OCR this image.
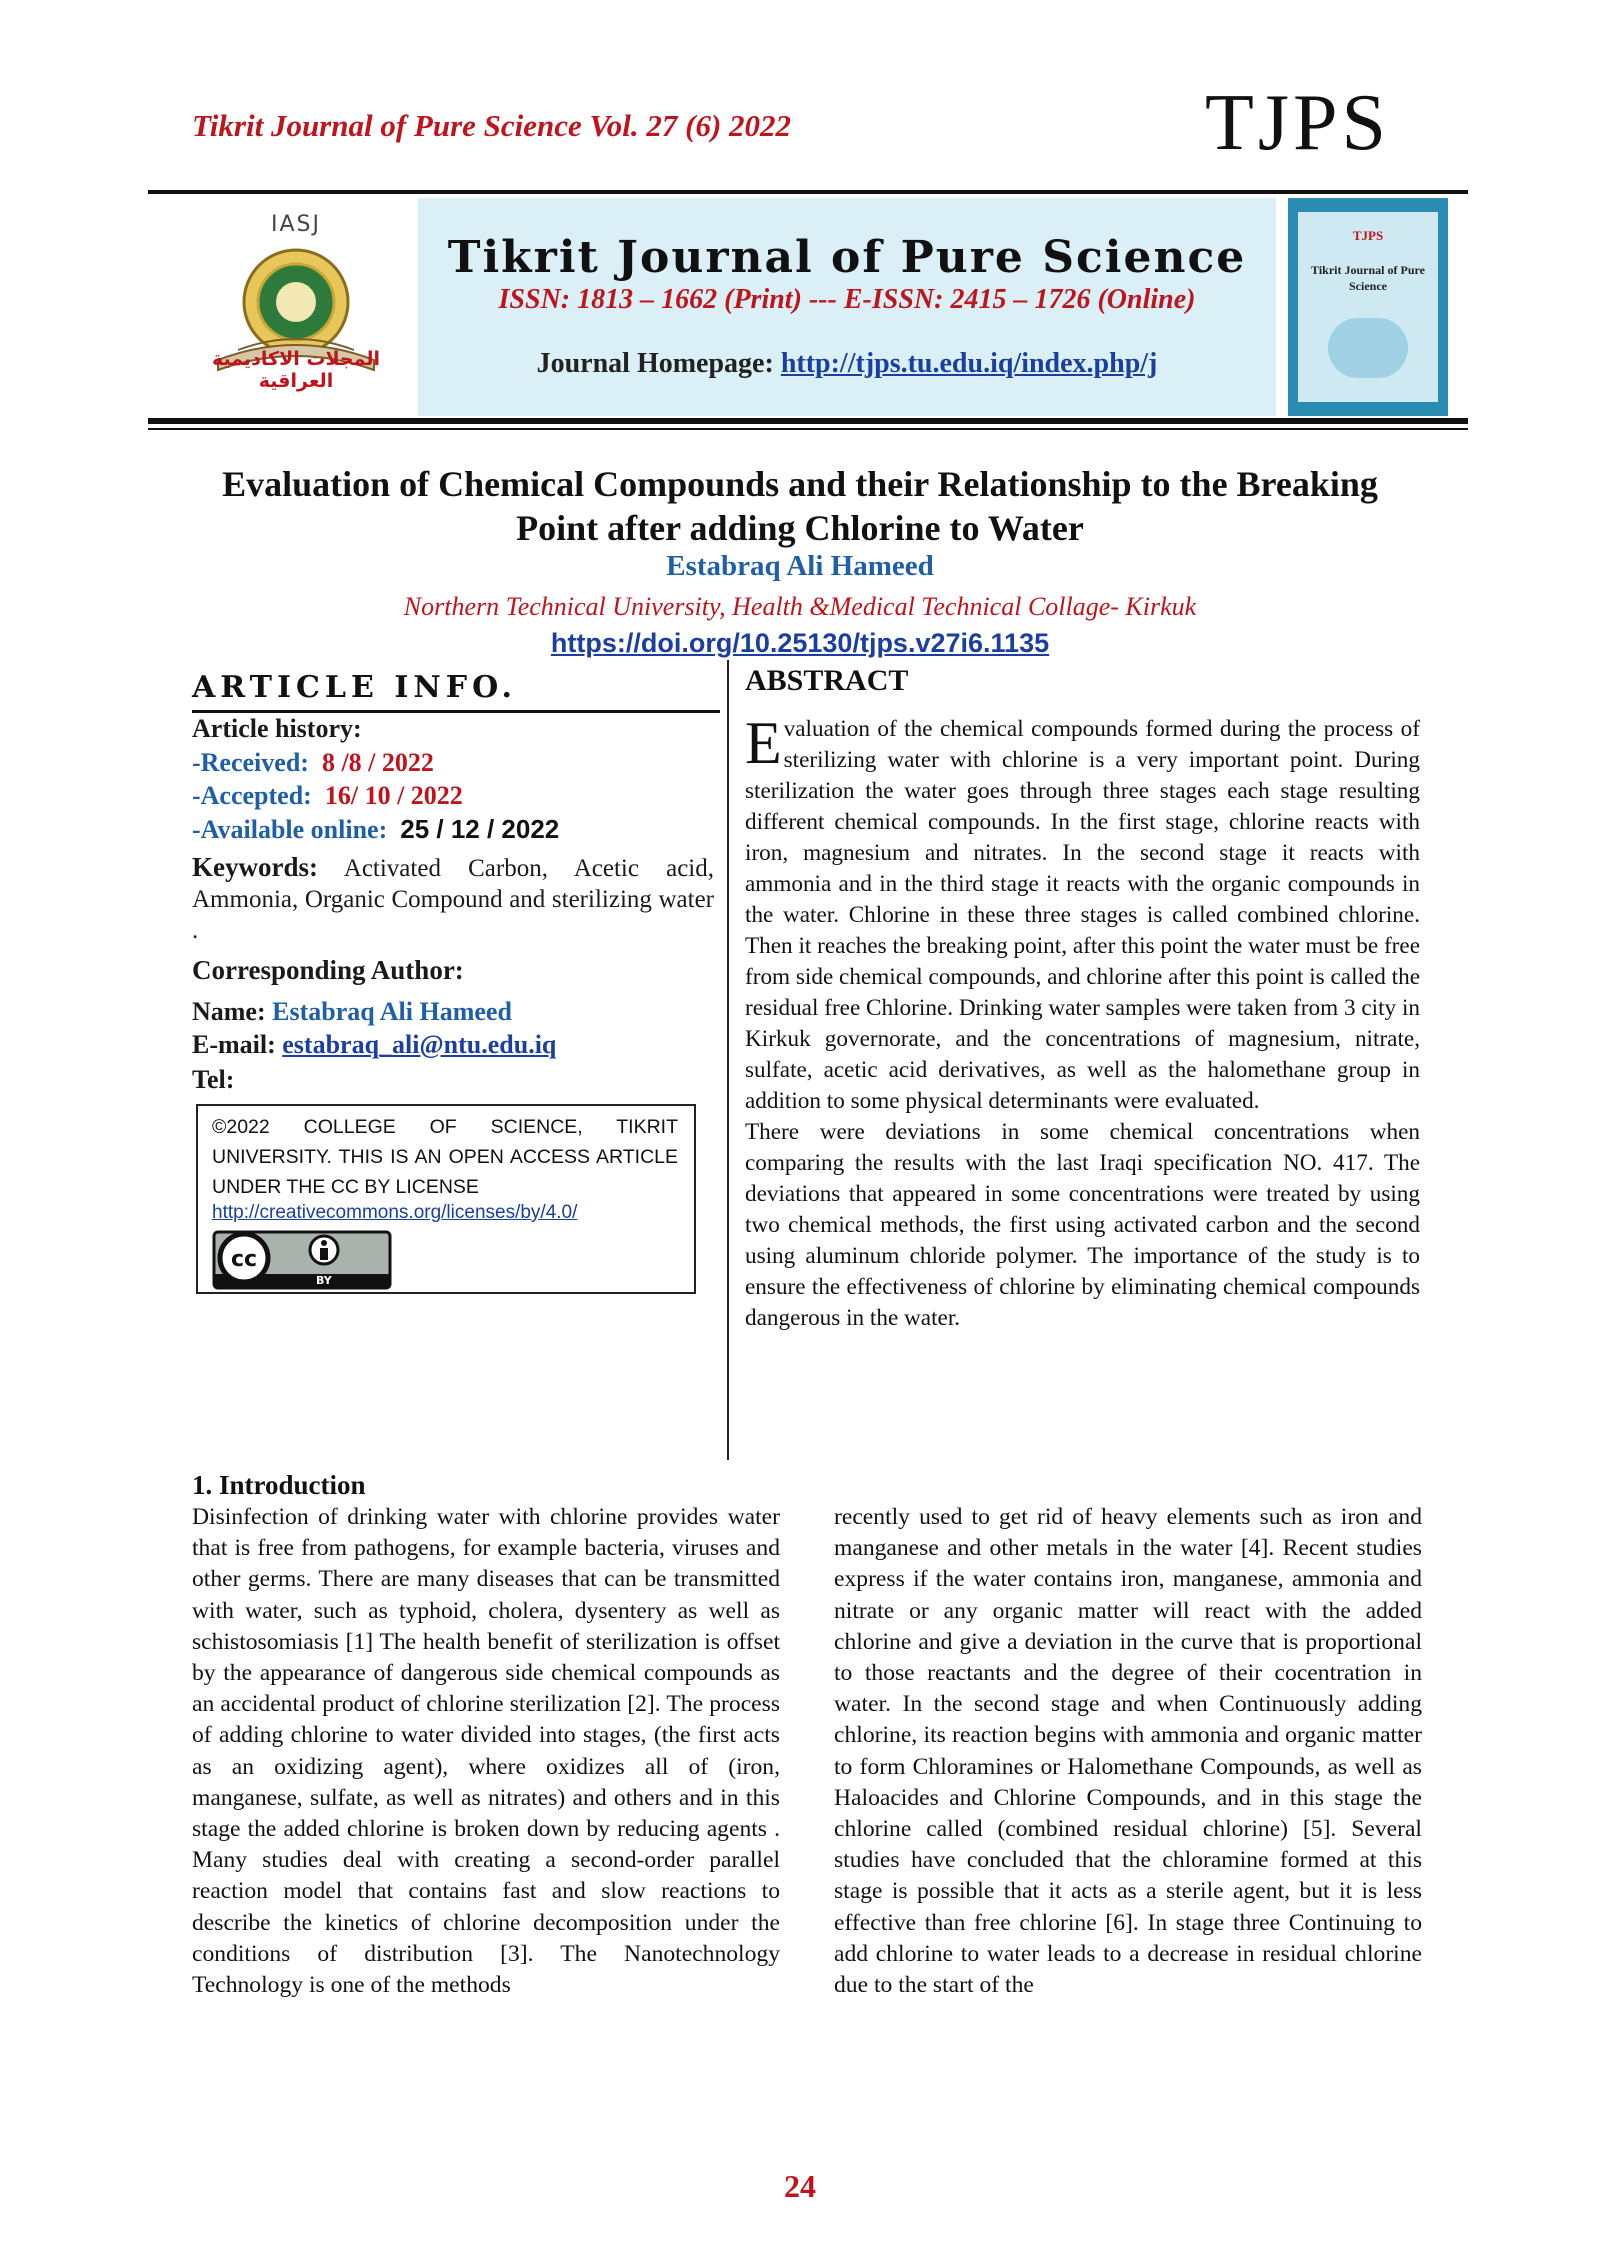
Tikrit Journal of Pure Science Vol. 27 (6) 2022	TJPS
IASJ
المجلات الاكاديمية العراقية
Tikrit Journal of Pure Science
ISSN: 1813 – 1662 (Print) --- E-ISSN: 2415 – 1726 (Online)
Journal Homepage: http://tjps.tu.edu.iq/index.php/j
TJPS
Tikrit Journal of Pure Science
Evaluation of Chemical Compounds and their Relationship to the Breaking
Point after adding Chlorine to Water
Estabraq Ali Hameed
Northern Technical University, Health &Medical Technical Collage- Kirkuk
https://doi.org/10.25130/tjps.v27i6.1135
ARTICLE INFO.
Article history:
-Received: 8 /8 / 2022
-Accepted: 16/ 10 / 2022
-Available online: 25 / 12 / 2022
Keywords: Activated Carbon, Acetic acid, Ammonia, Organic Compound and sterilizing water .
Corresponding Author:
Name: Estabraq Ali Hameed
E-mail: estabraq_ali@ntu.edu.iq
Tel:
©2022 COLLEGE OF SCIENCE, TIKRIT UNIVERSITY. THIS IS AN OPEN ACCESS ARTICLE UNDER THE CC BY LICENSE
http://creativecommons.org/licenses/by/4.0/
cc
BY
ABSTRACT

Evaluation of the chemical compounds formed during the process of sterilizing water with chlorine is a very important point. During sterilization the water goes through three stages each stage resulting different chemical compounds. In the first stage, chlorine reacts with iron, magnesium and nitrates. In the second stage it reacts with ammonia and in the third stage it reacts with the organic compounds in the water. Chlorine in these three stages is called combined chlorine. Then it reaches the breaking point, after this point the water must be free from side chemical compounds, and chlorine after this point is called the residual free Chlorine. Drinking water samples were taken from 3 city in Kirkuk governorate, and the concentrations of magnesium, nitrate, sulfate, acetic acid derivatives, as well as the halomethane group in addition to some physical determinants were evaluated.

There were deviations in some chemical concentrations when comparing the results with the last Iraqi specification NO. 417. The deviations that appeared in some concentrations were treated by using two chemical methods, the first using activated carbon and the second using aluminum chloride polymer. The importance of the study is to ensure the effectiveness of chlorine by eliminating chemical compounds dangerous in the water.

1. Introduction
Disinfection of drinking water with chlorine provides water that is free from pathogens, for example bacteria, viruses and other germs. There are many diseases that can be transmitted with water, such as typhoid, cholera, dysentery as well as schistosomiasis [1] The health benefit of sterilization is offset by the appearance of dangerous side chemical compounds as an accidental product of chlorine sterilization [2]. The process of adding chlorine to water divided into stages, (the first acts as an oxidizing agent), where oxidizes all of (iron, manganese, sulfate, as well as nitrates) and others and in this stage the added chlorine is broken down by reducing agents . Many studies deal with creating a second-order parallel reaction model that contains fast and slow reactions to describe the kinetics of chlorine decomposition under the conditions of distribution [3]. The Nanotechnology Technology is one of the methods
recently used to get rid of heavy elements such as iron and manganese and other metals in the water [4]. Recent studies express if the water contains iron, manganese, ammonia and nitrate or any organic matter will react with the added chlorine and give a deviation in the curve that is proportional to those reactants and the degree of their cocentration in water. In the second stage and when Continuously adding chlorine, its reaction begins with ammonia and organic matter to form Chloramines or Halomethane Compounds, as well as Haloacides and Chlorine Compounds, and in this stage the chlorine called (combined residual chlorine) [5]. Several studies have concluded that the chloramine formed at this stage is possible that it acts as a sterile agent, but it is less effective than free chlorine [6]. In stage three Continuing to add chlorine to water leads to a decrease in residual chlorine due to the start of the
24
